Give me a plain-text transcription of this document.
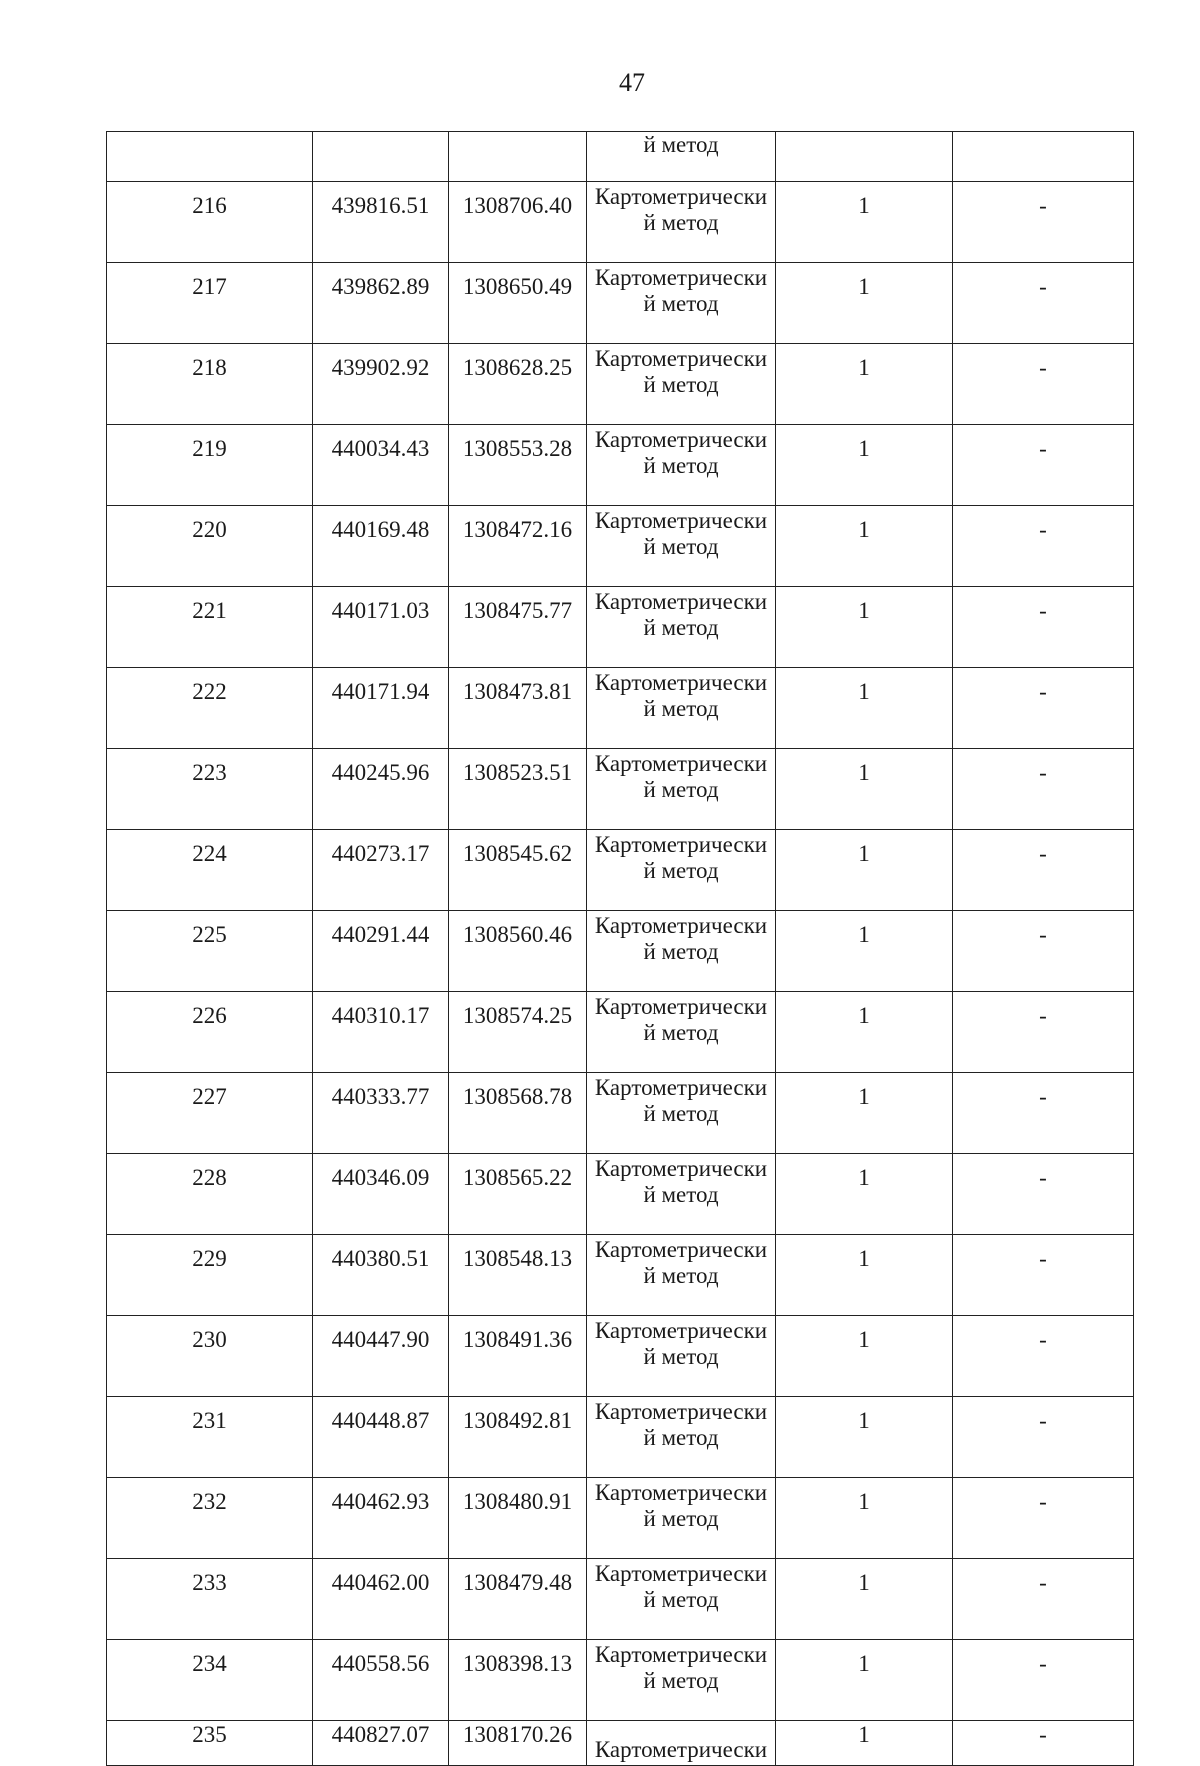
47
			й метод		
216	439816.51	1308706.40	Картометрически
й метод	1	-
217	439862.89	1308650.49	Картометрически
й метод	1	-
218	439902.92	1308628.25	Картометрически
й метод	1	-
219	440034.43	1308553.28	Картометрически
й метод	1	-
220	440169.48	1308472.16	Картометрически
й метод	1	-
221	440171.03	1308475.77	Картометрически
й метод	1	-
222	440171.94	1308473.81	Картометрически
й метод	1	-
223	440245.96	1308523.51	Картометрически
й метод	1	-
224	440273.17	1308545.62	Картометрически
й метод	1	-
225	440291.44	1308560.46	Картометрически
й метод	1	-
226	440310.17	1308574.25	Картометрически
й метод	1	-
227	440333.77	1308568.78	Картометрически
й метод	1	-
228	440346.09	1308565.22	Картометрически
й метод	1	-
229	440380.51	1308548.13	Картометрически
й метод	1	-
230	440447.90	1308491.36	Картометрически
й метод	1	-
231	440448.87	1308492.81	Картометрически
й метод	1	-
232	440462.93	1308480.91	Картометрически
й метод	1	-
233	440462.00	1308479.48	Картометрически
й метод	1	-
234	440558.56	1308398.13	Картометрически
й метод	1	-
235	440827.07	1308170.26	Картометрически	1	-
